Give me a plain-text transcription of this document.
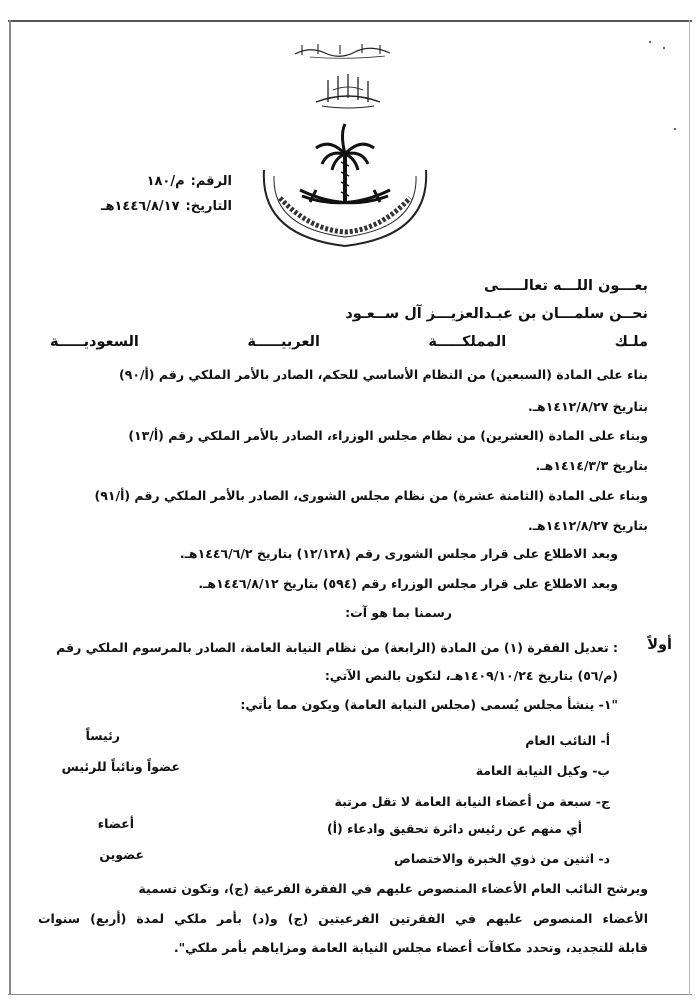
الرقم:م/١٨٠
التاريخ:١٤٤٦/٨/١٧هـ
بعـــون اللـــه تعالـــــى
نحــن سلمـــان بن عبـدالعزيـــز آل ســعـود
ملـك المملكـــــة العربيـــــة السعوديـــــة
بناء على المادة (السبعين) من النظام الأساسي للحكم، الصادر بالأمر الملكي رقم (أ/٩٠)
بتاريخ ١٤١٢/٨/٢٧هـ.
وبناء على المادة (العشرين) من نظام مجلس الوزراء، الصادر بالأمر الملكي رقم (أ/١٣)
بتاريخ ١٤١٤/٣/٣هـ.
وبناء على المادة (الثامنة عشرة) من نظام مجلس الشورى، الصادر بالأمر الملكي رقم (أ/٩١)
بتاريخ ١٤١٢/٨/٢٧هـ.
وبعد الاطلاع على قرار مجلس الشورى رقم (١٢/١٢٨) بتاريخ ١٤٤٦/٦/٢هـ.
وبعد الاطلاع على قرار مجلس الوزراء رقم (٥٩٤) بتاريخ ١٤٤٦/٨/١٢هـ.
رسمنا بما هو آت:
أولاً
: تعديل الفقرة (١) من المادة (الرابعة) من نظام النيابة العامة، الصادر بالمرسوم الملكي رقم
(م/٥٦) بتاريخ ١٤٠٩/١٠/٢٤هـ، لتكون بالنص الآتي:
"١- ينشأ مجلس يُسمى (مجلس النيابة العامة) ويكون مما يأتي:
أ- النائب العام
رئيساً
ب- وكيل النيابة العامة
عضواً ونائباً للرئيس
ج- سبعة من أعضاء النيابة العامة لا تقل مرتبة
أي منهم عن رئيس دائرة تحقيق وادعاء (أ)
أعضاء
د- اثنين من ذوي الخبرة والاختصاص
عضوين
ويرشح النائب العام الأعضاء المنصوص عليهم في الفقرة الفرعية (ج)، وتكون تسمية
الأعضاء المنصوص عليهم في الفقرتين الفرعيتين (ج) و(د) بأمر ملكي لمدة (أربع) سنوات
قابلة للتجديد، وتحدد مكافآت أعضاء مجلس النيابة العامة ومزاياهم بأمر ملكي".
